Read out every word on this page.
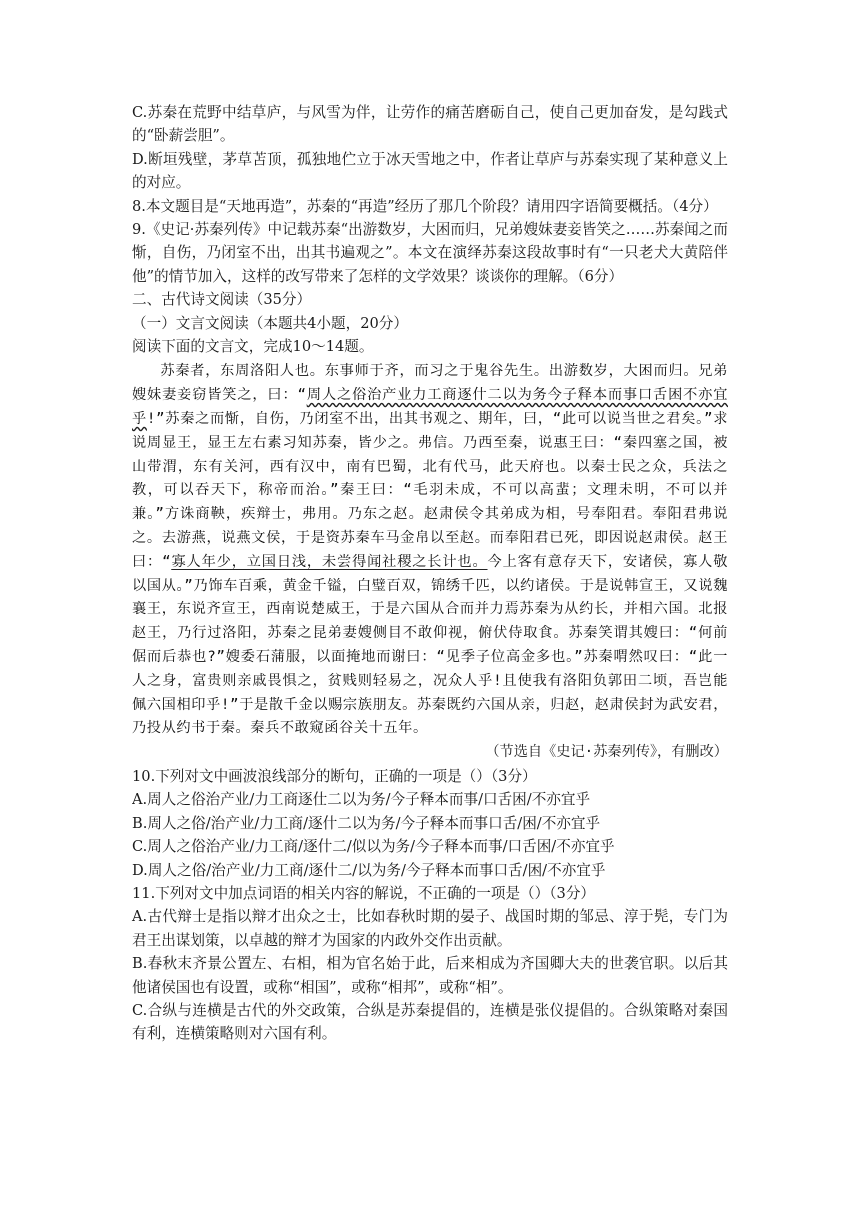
C.苏秦在荒野中结草庐，与风雪为伴，让劳作的痛苦磨砺自己，使自己更加奋发，是勾践式的“卧薪尝胆”。

D.断垣残壁，茅草苫顶，孤独地伫立于冰天雪地之中，作者让草庐与苏秦实现了某种意义上的对应。

8.本文题目是“天地再造”，苏秦的“再造”经历了那几个阶段？请用四字语简要概括。（4分）

9.《史记·苏秦列传》中记载苏秦“出游数岁，大困而归，兄弟嫂妹妻妾皆笑之……苏秦闻之而惭，自伤，乃闭室不出，出其书遍观之”。本文在演绎苏秦这段故事时有“一只老犬大黄陪伴他”的情节加入，这样的改写带来了怎样的文学效果？谈谈你的理解。（6分）

二、古代诗文阅读（35分）

（一）文言文阅读（本题共4小题，20分）

阅读下面的文言文，完成10～14题。

苏秦者，东周洛阳人也。东事师于齐，而习之于鬼谷先生。出游数岁，大困而归。兄弟嫂妹妻妾窃皆笑之，曰：“周人之俗治产业力工商逐什二以为务今子释本而事口舌困不亦宜乎!”苏秦之而惭，自伤，乃闭室不出，出其书观之、期年，曰，“此可以说当世之君矣。”求说周显王，显王左右素习知苏秦，皆少之。弗信。乃西至秦，说惠王曰：“秦四塞之国，被山带渭，东有关河，西有汉中，南有巴蜀，北有代马，此天府也。以秦士民之众，兵法之教，可以吞天下，称帝而治。”秦王曰：“毛羽未成，不可以高蜚；文理未明，不可以并兼。”方诛商鞅，疾辩士，弗用。乃东之赵。赵肃侯令其弟成为相，号奉阳君。奉阳君弗说之。去游燕，说燕文侯，于是资苏秦车马金帛以至赵。而奉阳君已死，即因说赵肃侯。赵王曰：“寡人年少，立国日浅，未尝得闻社稷之长计也。今上客有意存天下，安诸侯，寡人敬以国从。”乃饰车百乘，黄金千镒，白璧百双，锦绣千匹，以约诸侯。于是说韩宣王，又说魏襄王，东说齐宣王，西南说楚威王，于是六国从合而并力焉苏秦为从约长，并相六国。北报赵王，乃行过洛阳，苏秦之昆弟妻嫂侧目不敢仰视，俯伏侍取食。苏秦笑谓其嫂曰：“何前倨而后恭也?”嫂委石蒲服，以面掩地而谢曰：“见季子位高金多也。”苏秦喟然叹曰：“此一人之身，富贵则亲戚畏惧之，贫贱则轻易之，况众人乎!且使我有洛阳负郭田二顷，吾岂能佩六国相印乎!”于是散千金以赐宗族朋友。苏秦既约六国从亲，归赵，赵肃侯封为武安君，乃投从约书于秦。秦兵不敢窥函谷关十五年。

（节选自《史记·苏秦列传》，有删改）

10.下列对文中画波浪线部分的断句，正确的一项是（）（3分）

A.周人之俗治产业/力工商逐仕二以为务/今子释本而事/口舌困/不亦宜乎

B.周人之俗/治产业/力工商/逐什二以为务/今子释本而事口舌/困/不亦宜乎

C.周人之俗治产业/力工商/逐什二/似以为务/今子释本而事/口舌困/不亦宜乎

D.周人之俗/治产业/力工商/逐什二/以为务/今子释本而事口舌/困/不亦宜乎

11.下列对文中加点词语的相关内容的解说，不正确的一项是（）（3分）

A.古代辩士是指以辩才出众之士，比如春秋时期的晏子、战国时期的邹忌、淳于髡，专门为君王出谋划策，以卓越的辩才为国家的内政外交作出贡献。

B.春秋末齐景公置左、右相，相为官名始于此，后来相成为齐国卿大夫的世袭官职。以后其他诸侯国也有设置，或称“相国”，或称“相邦”，或称“相”。

C.合纵与连横是古代的外交政策，合纵是苏秦提倡的，连横是张仪提倡的。合纵策略对秦国有利，连横策略则对六国有利。
